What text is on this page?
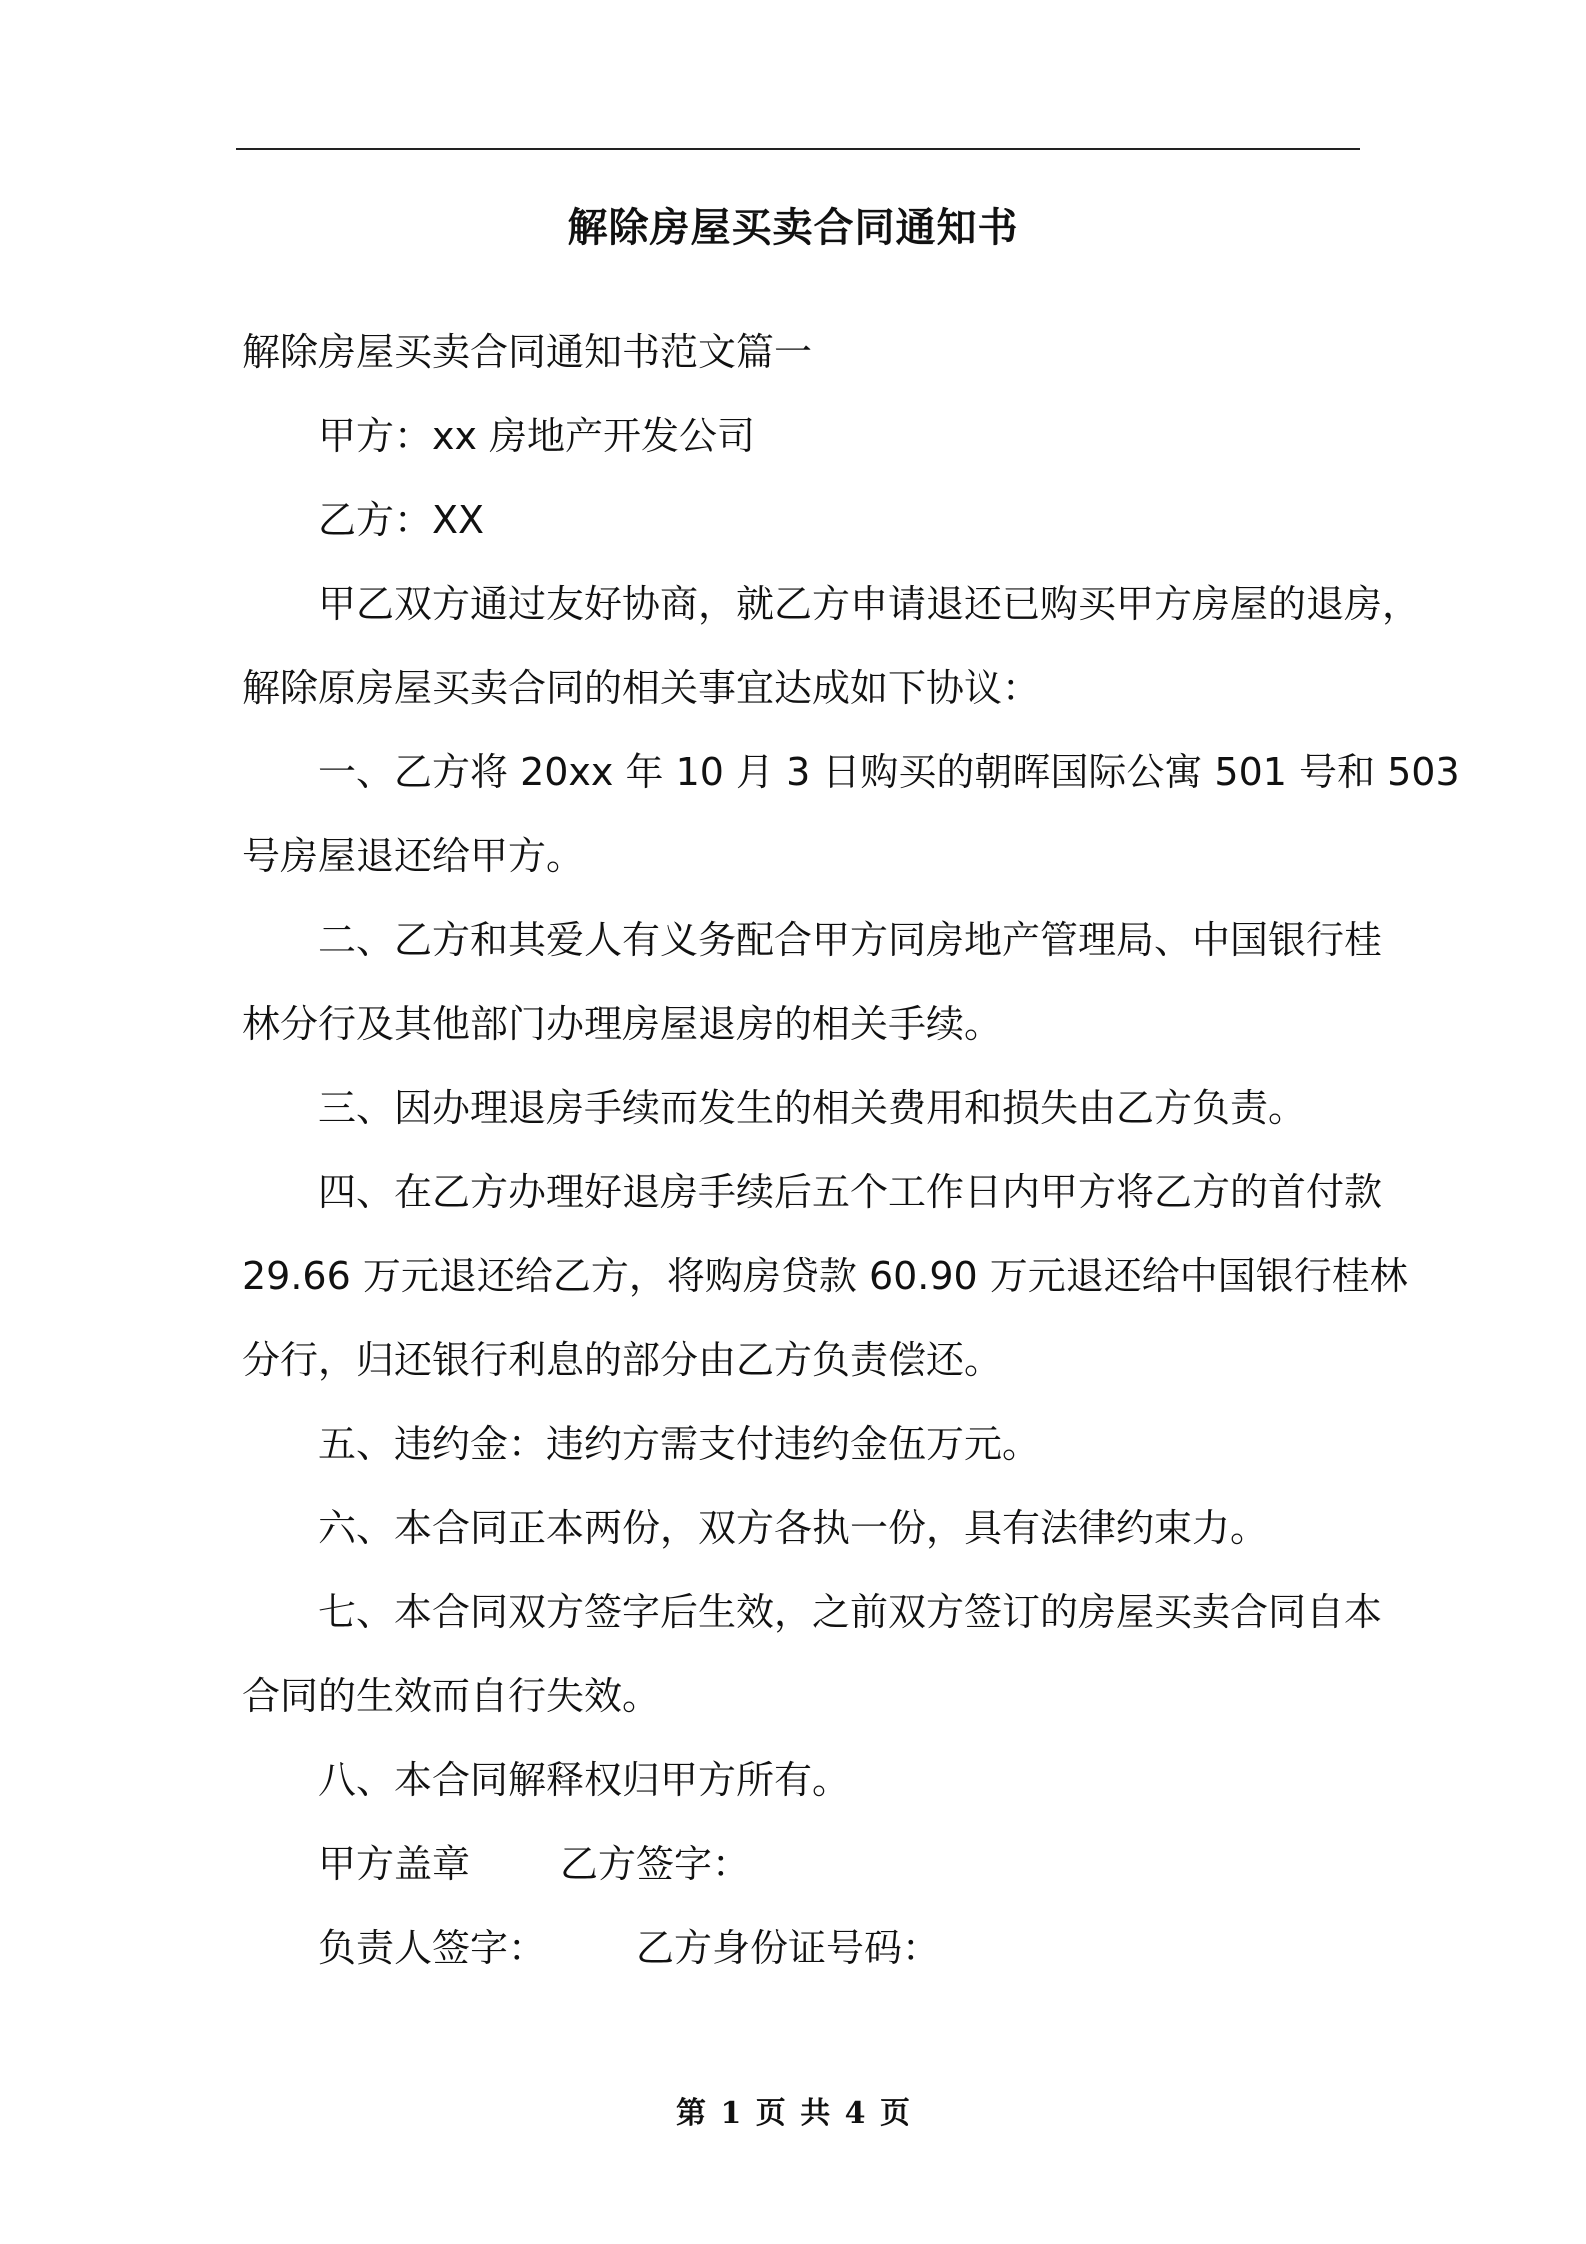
解除房屋买卖合同通知书
解除房屋买卖合同通知书范文篇一
甲方：xx 房地产开发公司
乙方：XX
甲乙双方通过友好协商，就乙方申请退还已购买甲方房屋的退房，
解除原房屋买卖合同的相关事宜达成如下协议：
一、乙方将 20xx 年 10 月 3 日购买的朝晖国际公寓 501 号和 503
号房屋退还给甲方。
二、乙方和其爱人有义务配合甲方同房地产管理局、中国银行桂
林分行及其他部门办理房屋退房的相关手续。
三、因办理退房手续而发生的相关费用和损失由乙方负责。
四、在乙方办理好退房手续后五个工作日内甲方将乙方的首付款
29.66 万元退还给乙方，将购房贷款 60.90 万元退还给中国银行桂林
分行，归还银行利息的部分由乙方负责偿还。
五、违约金：违约方需支付违约金伍万元。
六、本合同正本两份，双方各执一份，具有法律约束力。
七、本合同双方签字后生效，之前双方签订的房屋买卖合同自本
合同的生效而自行失效。
八、本合同解释权归甲方所有。
甲方盖章 乙方签字：
负责人签字： 乙方身份证号码：
第 1 页 共 4 页
